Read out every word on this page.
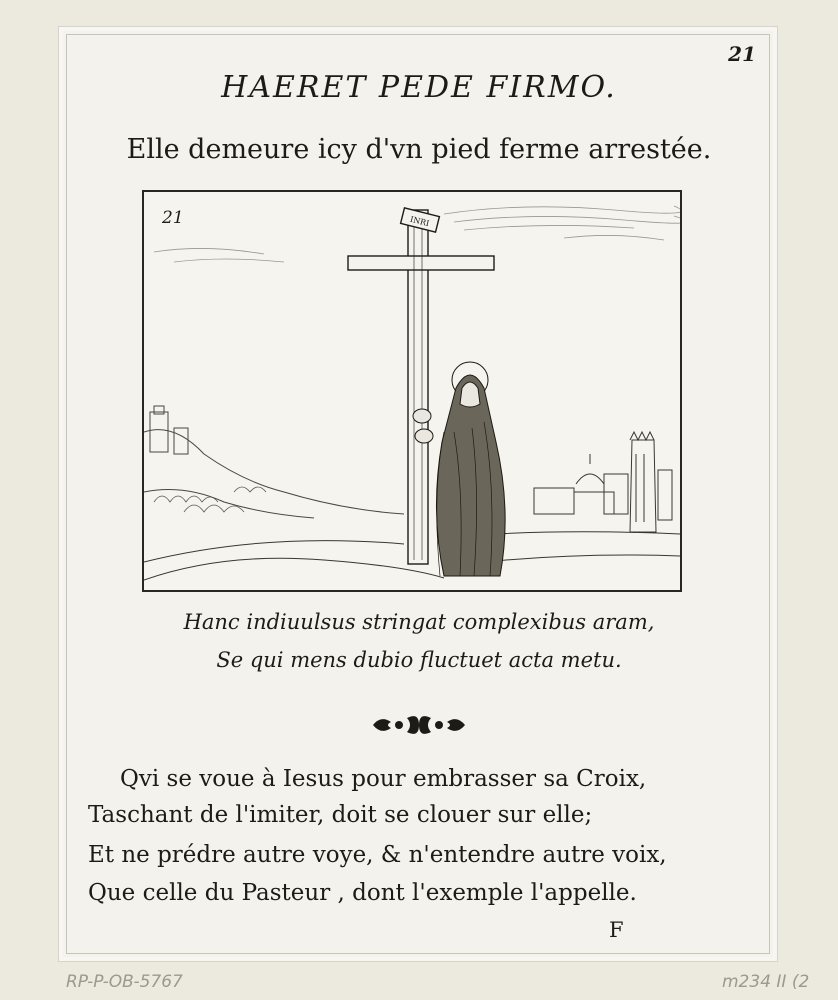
21
HAERET PEDE FIRMO.
Elle demeure icy d'vn pied ferme arrestée.
INRI
21
Hanc indiuulsus stringat complexibus aram,
Se qui mens dubio fluctuet acta metu.
Qvi se voue à Iesus pour embrasser sa Croix,
Taschant de l'imiter, doit se clouer sur elle;
Et ne prédre autre voye, & n'entendre autre voix,
Que celle du Pasteur , dont l'exemple l'appelle.
F
RP-P-OB-5767	m234 II (2
